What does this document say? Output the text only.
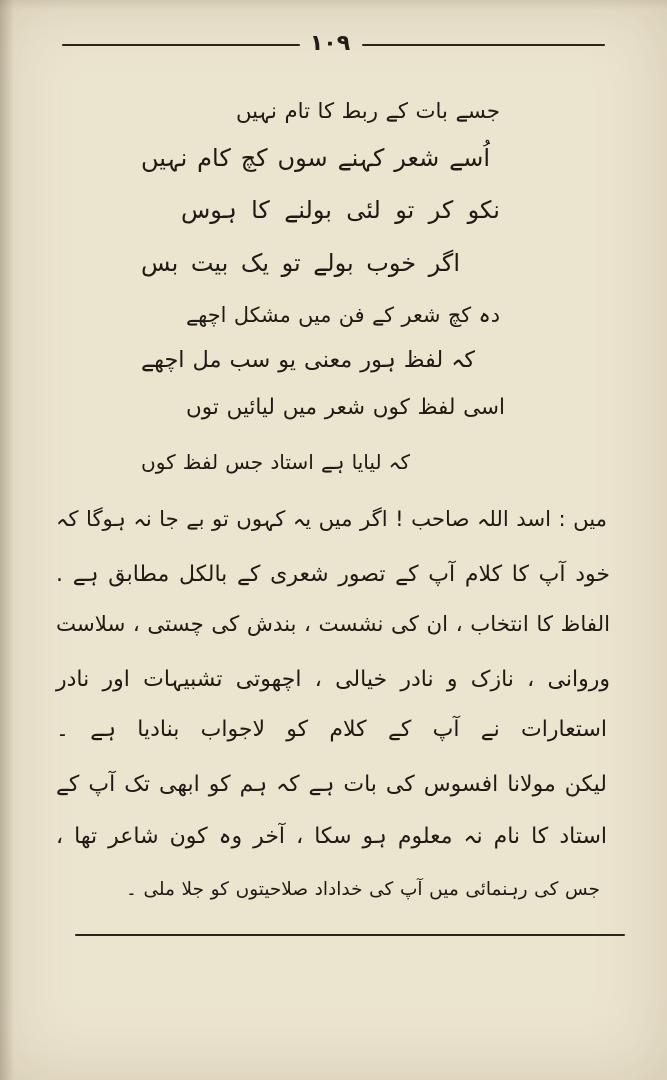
۱۰۹
جسے بات کے ربط کا تام نہیں
اُسے شعر کہنے سوں کچ کام نہیں
نکو کر تو لئی بولنے کا ہوس
اگر خوب بولے تو یک بیت بس
دہ کچ شعر کے فن میں مشکل اچھے
کہ لفظ ہور معنی یو سب مل اچھے
اسی لفظ کوں شعر میں لیائیں توں
کہ لیایا ہے استاد جس لفظ کوں
میں : اسد اللہ صاحب ! اگر میں یہ کہوں تو بے جا نہ ہوگا کہ
خود آپ کا کلام آپ کے تصور شعری کے بالکل مطابق ہے .
الفاظ کا انتخاب ، ان کی نشست ، بندش کی چستی ، سلاست
وروانی ، نازک و نادر خیالی ، اچھوتی تشبیہات اور نادر
استعارات نے آپ کے کلام کو لاجواب بنادیا ہے ۔
لیکن مولانا افسوس کی بات ہے کہ ہم کو ابھی تک آپ کے
استاد کا نام نہ معلوم ہو سکا ، آخر وہ کون شاعر تھا ،
جس کی رہنمائی میں آپ کی خداداد صلاحیتوں کو جلا ملی ۔
